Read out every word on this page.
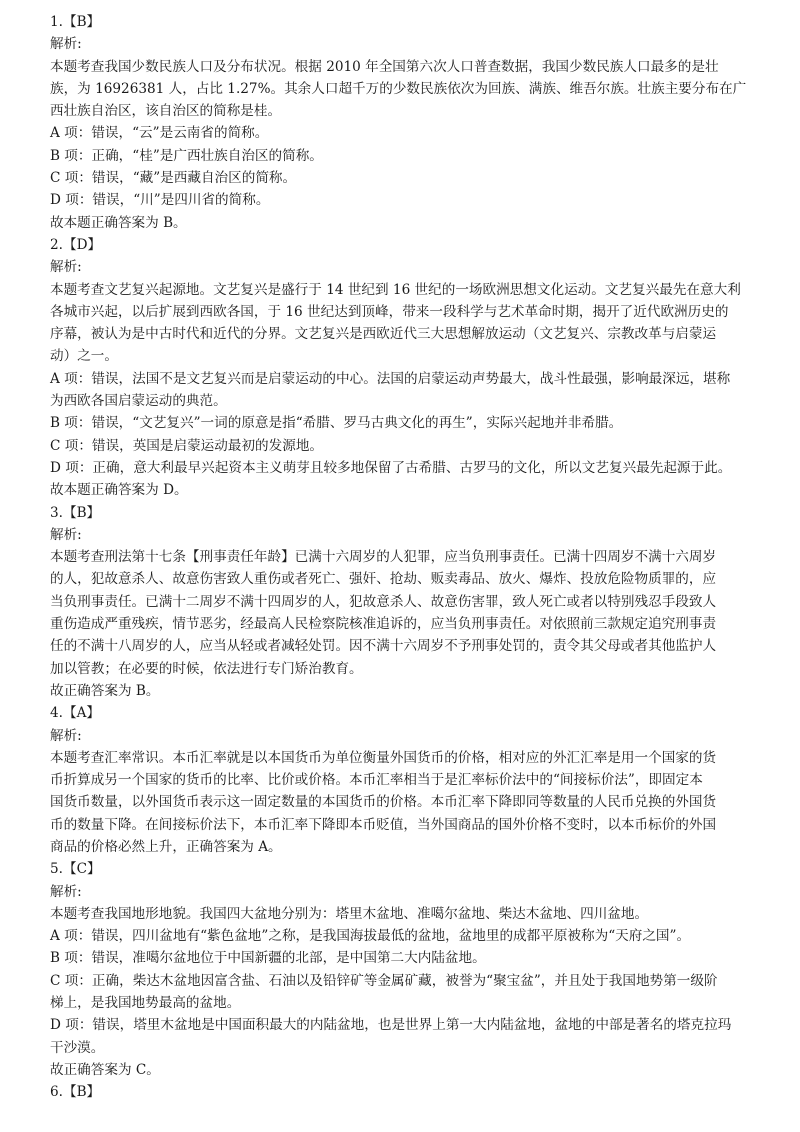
1.【B】
解析:
本题考查我国少数民族人口及分布状况。根据 2010 年全国第六次人口普查数据，我国少数民族人口最多的是壮
族，为 16926381 人，占比 1.27%。其余人口超千万的少数民族依次为回族、满族、维吾尔族。壮族主要分布在广
西壮族自治区，该自治区的简称是桂。
A 项：错误，“云”是云南省的简称。
B 项：正确，“桂”是广西壮族自治区的简称。
C 项：错误，“藏”是西藏自治区的简称。
D 项：错误，“川”是四川省的简称。
故本题正确答案为 B。
2.【D】
解析:
本题考查文艺复兴起源地。文艺复兴是盛行于 14 世纪到 16 世纪的一场欧洲思想文化运动。文艺复兴最先在意大利
各城市兴起，以后扩展到西欧各国，于 16 世纪达到顶峰，带来一段科学与艺术革命时期，揭开了近代欧洲历史的
序幕，被认为是中古时代和近代的分界。文艺复兴是西欧近代三大思想解放运动（文艺复兴、宗教改革与启蒙运
动）之一。
A 项：错误，法国不是文艺复兴而是启蒙运动的中心。法国的启蒙运动声势最大，战斗性最强，影响最深远，堪称
为西欧各国启蒙运动的典范。
B 项：错误，“文艺复兴”一词的原意是指“希腊、罗马古典文化的再生”，实际兴起地并非希腊。
C 项：错误，英国是启蒙运动最初的发源地。
D 项：正确，意大利最早兴起资本主义萌芽且较多地保留了古希腊、古罗马的文化，所以文艺复兴最先起源于此。
故本题正确答案为 D。
3.【B】
解析:
本题考查刑法第十七条【刑事责任年龄】已满十六周岁的人犯罪，应当负刑事责任。已满十四周岁不满十六周岁
的人，犯故意杀人、故意伤害致人重伤或者死亡、强奸、抢劫、贩卖毒品、放火、爆炸、投放危险物质罪的，应
当负刑事责任。已满十二周岁不满十四周岁的人，犯故意杀人、故意伤害罪，致人死亡或者以特别残忍手段致人
重伤造成严重残疾，情节恶劣，经最高人民检察院核准追诉的，应当负刑事责任。对依照前三款规定追究刑事责
任的不满十八周岁的人，应当从轻或者减轻处罚。因不满十六周岁不予刑事处罚的，责令其父母或者其他监护人
加以管教；在必要的时候，依法进行专门矫治教育。
故正确答案为 B。
4.【A】
解析:
本题考查汇率常识。本币汇率就是以本国货币为单位衡量外国货币的价格，相对应的外汇汇率是用一个国家的货
币折算成另一个国家的货币的比率、比价或价格。本币汇率相当于是汇率标价法中的“间接标价法”，即固定本
国货币数量，以外国货币表示这一固定数量的本国货币的价格。本币汇率下降即同等数量的人民币兑换的外国货
币的数量下降。在间接标价法下，本币汇率下降即本币贬值，当外国商品的国外价格不变时，以本币标价的外国
商品的价格必然上升，正确答案为 A。
5.【C】
解析:
本题考查我国地形地貌。我国四大盆地分别为：塔里木盆地、准噶尔盆地、柴达木盆地、四川盆地。
A 项：错误，四川盆地有“紫色盆地”之称，是我国海拔最低的盆地，盆地里的成都平原被称为“天府之国”。
B 项：错误，准噶尔盆地位于中国新疆的北部，是中国第二大内陆盆地。
C 项：正确，柴达木盆地因富含盐、石油以及铅锌矿等金属矿藏，被誉为“聚宝盆”，并且处于我国地势第一级阶
梯上，是我国地势最高的盆地。
D 项：错误，塔里木盆地是中国面积最大的内陆盆地，也是世界上第一大内陆盆地，盆地的中部是著名的塔克拉玛
干沙漠。
故正确答案为 C。
6.【B】
